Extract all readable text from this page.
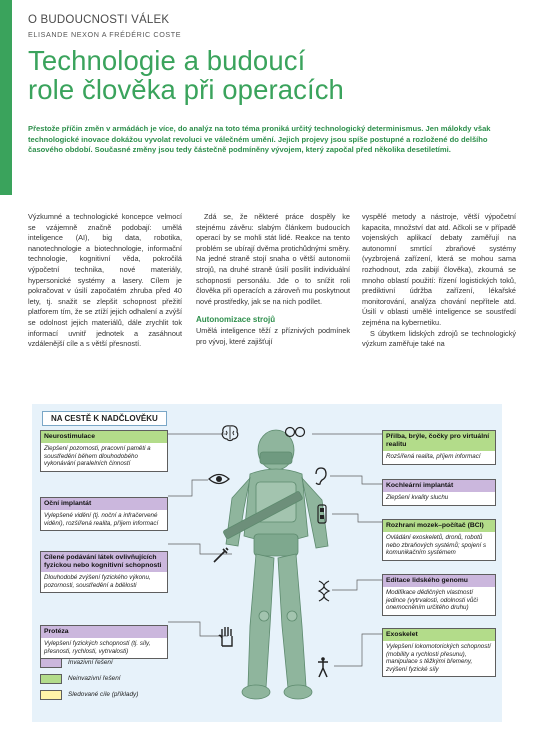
O BUDOUCNOSTI VÁLEK
ELISANDE NEXON A FRÉDÉRIC COSTE
Technologie a budoucí
role člověka při operacích
Přestože příčin změn v armádách je více, do analýz na toto téma proniká určitý technologický determinismus. Jen málokdy však technologické inovace dokážou vyvolat revoluci ve válečném umění. Jejich projevy jsou spíše postupné a rozložené do delšího časového období. Současné změny jsou tedy částečně podmíněny vývojem, který započal před několika desetiletími.

Výzkumné a technologické koncepce velmocí se vzájemně značně podobají: umělá inteligence (AI), big data, robotika, nanotechnologie a biotechnologie, informační technologie, kognitivní věda, pokročilá výpočetní technika, nové materiály, hypersonické systémy a lasery. Cílem je pokračovat v úsilí započatém zhruba před 40 lety, tj. snažit se zlepšit schopnost přežití platforem tím, že se ztíží jejich odhalení a zvýší se odolnost jejich materiálů, dále zrychlit tok informací uvnitř jednotek a zasáhnout vzdálenější cíle a s větší přesností.

Zdá se, že některé práce dospěly ke stejnému závěru: slabým článkem budoucích operací by se mohli stát lidé. Reakce na tento problém se ubírají dvěma protichůdnými směry. Na jedné straně stojí snaha o větší autonomii strojů, na druhé straně úsilí posílit individuální schopnosti personálu. Jde o to snížit roli člověka při operacích a zároveň mu poskytnout nové prostředky, jak se na nich podílet.

Autonomizace strojů

Umělá inteligence těží z příznivých podmínek pro vývoj, které zajišťují

vyspělé metody a nástroje, větší výpočetní kapacita, množství dat atd. Ačkoli se v případě vojenských aplikací debaty zaměřují na autonomní smrtící zbraňové systémy (vyzbrojená zařízení, která se mohou sama rozhodnout, zda zabijí člověka), zkoumá se mnoho oblastí použití: řízení logistických toků, prediktivní údržba zařízení, lékařské monitorování, analýza chování nepřítele atd. Úsilí v oblasti umělé inteligence se soustředí zejména na kybernetiku.

S úbytkem lidských zdrojů se technologický výzkum zaměřuje také na

NA CESTĚ K NADČLOVĚKU
Neurostimulace
Zlepšení pozornosti, pracovní paměti a soustředění během dlouhodobého vykonávání paralelních činností
Oční implantát
Vylepšené vidění (tj. noční a infračervené vidění), rozšířená realita, příjem informací
Cílené podávání látek ovlivňujících fyzickou nebo kognitivní schopnosti
Dlouhodobé zvýšení fyzického výkonu, pozornosti, soustředění a bdělosti
Protéza
Vylepšení fyzických schopností (tj. síly, přesnosti, rychlosti, vytrvalosti)
Přilba, brýle, čočky pro virtuální realitu
Rozšířená realita, příjem informací
Kochleární implantát
Zlepšení kvality sluchu
Rozhraní mozek–počítač (BCI)
Ovládání exoskeletů, dronů, robotů nebo zbraňových systémů; spojení s komunikačním systémem
Editace lidského genomu
Modifikace dědičných vlastností jedince (vytrvalosti, odolnosti vůči onemocněním určitého druhu)
Exoskelet
Vylepšení lokomotorických schopností (mobility a rychlosti přesunu), manipulace s těžkými břemeny, zvýšení fyzické síly
Invazivní řešení
Neinvazivní řešení
Sledované cíle (příklady)
